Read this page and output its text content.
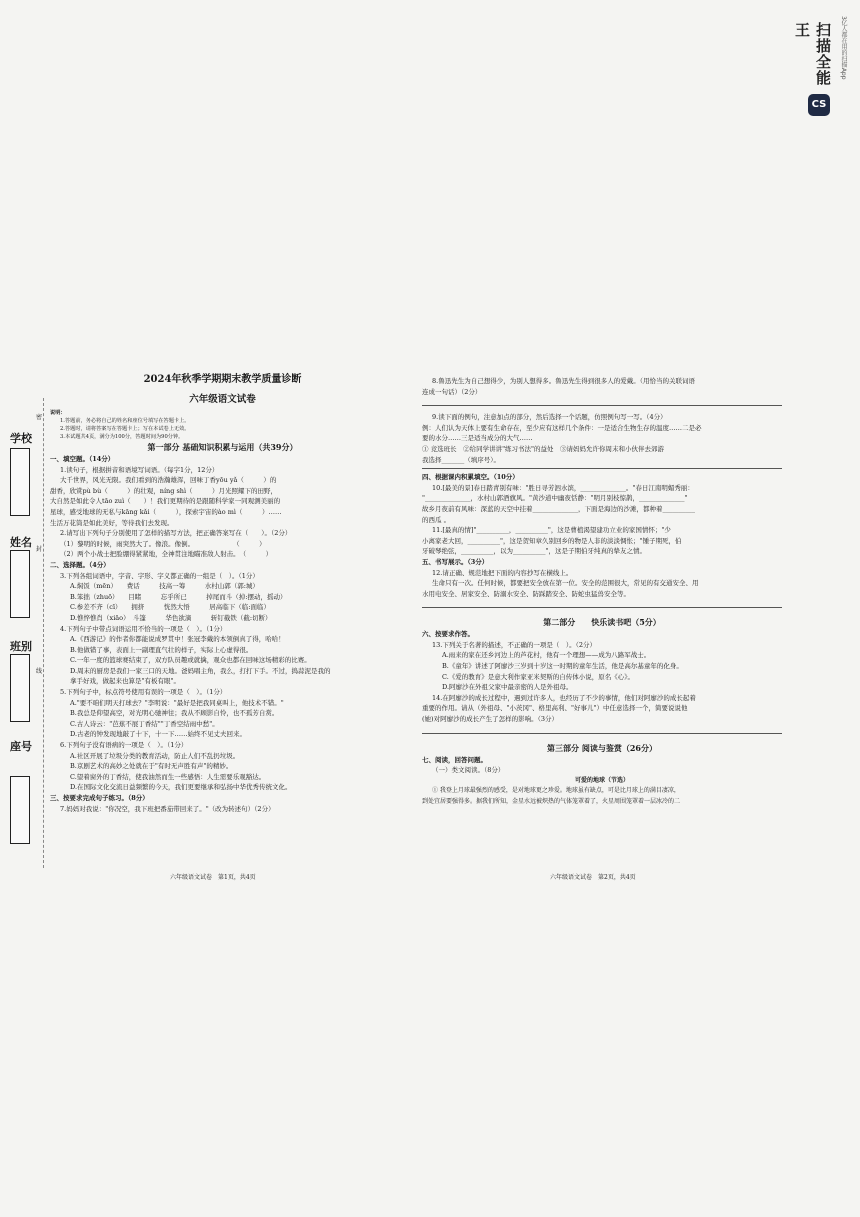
扫描全能王	3亿人都在用的扫描App
CS
学校
密
姓名
封
班别
线
座号

2024年秋季学期期末教学质量诊断

六年级语文试卷

说明：

1.答题前，务必将自己的姓名和座位号填写在答题卡上。

2.答题时，请将答案写在答题卡上；写在本试卷上无效。

3.本试题共4页，满分为100分，答题时间为90分钟。

第一部分 基础知识积累与运用（共39分）

一、填空题。（14分）

1.读句子，根据拼音和语境写词语。（每字1分，12分）

大千世界，风光无限。我们看到的浩瀚雄浑，回味丁香yōu yǎ（　　　）的

甜香，欣赏pù bù（　　　）的壮观，níng shì（　　　）月光照耀下的田野，

大自然是如此令人tāo zuì（　　）！我们更期待的是跟随科学家一同观测美丽的

星球，感受地球的无私与kāng kǎi（　　　），探索宇宙的ào mì（　　　）……

生活万花筒是如此美好，等待我们去发现。

2.请写出下列句子分别使用了怎样的描写方法，把正确答案写在（　　）。（2分）

（1）黎明的时候，雨突然大了。像浪。像倒。　　　　　　　（　　　）

（2）两个小战士把脸绷得紧紧地，全神贯注地瞄准敌人射击。　（　　　）

二、选择题。（4分）

3.下列各组词语中，字音、字形、字义都正确的一组是（　）。（1分）

A.焖饭（mēn）　　费话　　　技高一筹　　　水村山郭（郭:城）

B.笨拙（zhuō）　　目睹　　　忘乎所已　　　掉尾而斗（掉:摆动，摇动）

C.参差不齐（cī）　　拥挤　　　恍然大悟　　　居高临下（临:面临）

D.憔悴憔肖（xiāo）　斗篷　　　华色欲滴　　　斩钉截铁（截:切断）

4.下列句子中带点词语运用不恰当的一项是（　）。（1分）

A.《西游记》的作者你都能说成罗贯中！张冠李戴的本领倒真了得，哈哈！

B.他做错了事，表面上一副理直气壮的样子，实际上心虚得很。

C.一年一度的篮球赛结束了，双方队员趣或就擒，观众也都在回味这场精彩的比赛。

D.周末的厨房是我们一家三口的天地。爸妈唱主角，我么，打打下手。不过，捣蒜泥是我的

拿手好戏，做起来也算是"有板有眼"。

5.下列句子中，标点符号使用有误的一项是（　）。（1分）

A."要不咱们明天打球去？"李明说："最好是把我同桌叫上，他技术不错。"

B.我总是仰望高空，对光明心驰神往；我从不顾影自怜，也不孤芳自赏。

C.古人诗云："芭蕉不展丁香结""丁香空结雨中愁"。

D.古老的钟发现地敲了十下，十一下……始终不见丈夫回来。

6.下列句子没有语病的一项是（　）。（1分）

A.社区开展了垃圾分类的教育活动，防止人们不乱扔垃圾。

B.京剧艺术的高妙之处就在于"有时无声胜有声"的精妙。

C.望着窗外的丁香结，使我油然而生一些感悟：人生需要乐观豁达。

D.在国际文化交流日益频繁的今天，我们更要继承和弘扬中华优秀传统文化。

三、按要求完成句子练习。（8分）

7.妈妈对我说："你况空，我下班把番茄带回来了。"（改为转述句）（2分）

六年级语文试卷　第1页，共4页

8.鲁迅先生为自己想得少，为别人想得多。鲁迅先生得到很多人的爱戴。（用恰当的关联词语

连成一句话）（2分）

9.读下面的例句，注意加点的部分，然后选择一个话题，仿照例句写一写。（4分）

例：人们认为天体上要有生命存在，至少应有这样几个条件：一是适合生物生存的温度……二是必

要的水分……三是适当成分的大气……

① 竞选班长　②给同学讲讲"练习书法"的益处　③请妈妈允许你周末和小伙伴去郊游

我选择_______（填序号）。

四、根据课内积累填空。（10分）

10.[最美的景]春日踏青别有味："胜日寻芳泗水滨，______________。"春日江南明媚秀丽：

"______________，水村山郭酒旗风。"黄沙道中幽夜恬静："明月别枝惊鹊，______________"

故乡月夜前有风味：深蓝的天空中挂着______________，下面是海边的沙滩，都种着__________

的西瓜 。

11.[最真的情]"__________，__________"，这是曹植渴望建功立业的家国情怀；"少

小离家老大回，__________"，这是贺知章久别回乡的物是人非的淡淡惆怅；"锺子期死，伯

牙破琴绝弦，__________，以为__________"，这是子期伯牙纯真的挚友之情。

五、书写展示。（3分）

12.请正确、规范地把下面的内容抄写在横线上。

生命只有一次。任何时候，都要把安全放在第一位。安全的范围很大，常见的有交通安全、用

水用电安全、居家安全、防溺水安全、防踩踏安全、防蛇虫猛兽安全等。

第二部分　　快乐读书吧（5分）

六、按要求作答。

13.下列关于名著的描述，不正确的一项是（　）。（2分）

A.雨来的家在还乡河边上的芦花村，他有一个理想——成为八路军战士。

B.《童年》讲述了阿廖沙三岁到十岁这一时期的童年生活，他是高尔基童年的化身。

C.《爱的教育》是意大利作家亚米契斯的自传体小说，原名《心》。

D.阿廖沙在外祖父家中最亲密的人是外祖母。

14.在阿廖沙的成长过程中，遇到过许多人，也经历了不少的事情，他们对阿廖沙的成长起着

重要的作用。请从（外祖母、"小茨冈"、格里高利、"好事儿"）中任意选择一个，简要说说他

(她)对阿廖沙的成长产生了怎样的影响。（3分）

第三部分 阅读与鉴赏（26分）

七、阅读，回答问题。

（一）类文阅读。（8分）

可爱的地球（节选）

① 我登上月球最强烈的感受，是对地球更之珍爱。地球虽有缺点，可是比月球上的满目凄凉，

到处宜居要强得多。据我们所知，金星水远被炽热的气体笼罩着了，火星周围笼罩着一层冰冷的二

六年级语文试卷　第2页，共4页
